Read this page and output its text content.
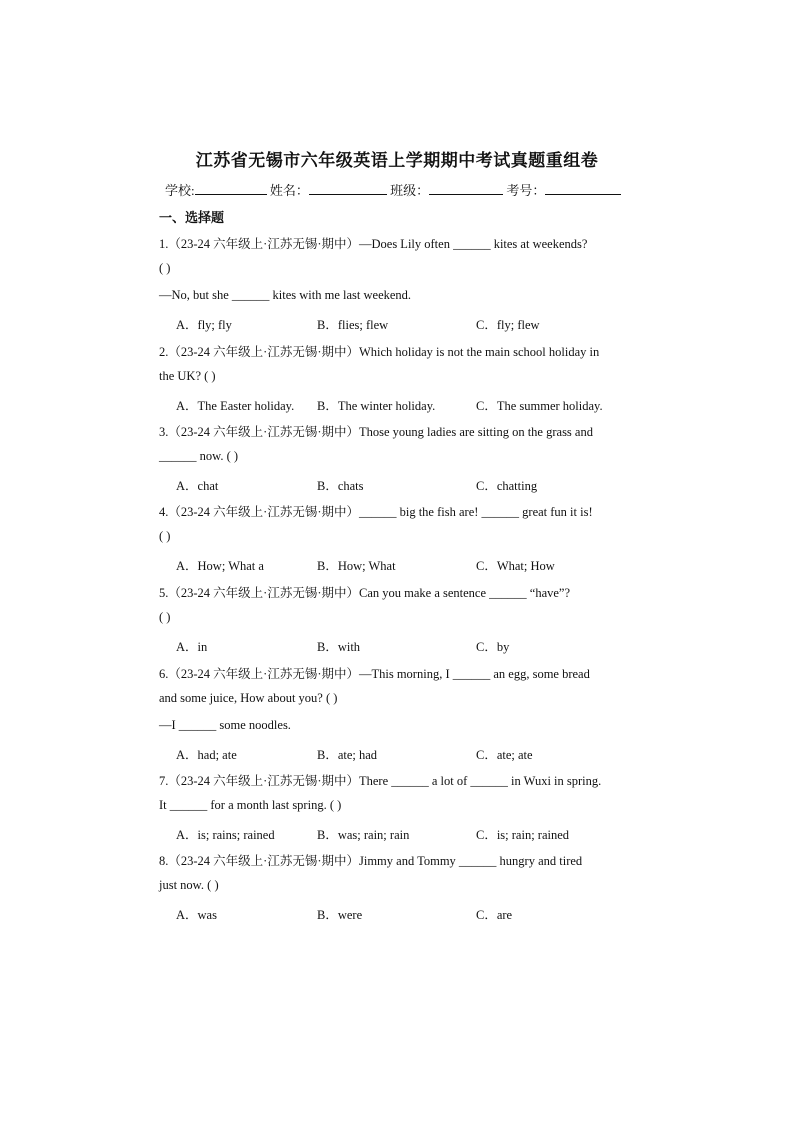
江苏省无锡市六年级英语上学期期中考试真题重组卷
学校:	姓名：	班级：	考号：
一、选择题
1.（23-24 六年级上·江苏无锡·期中）—Does Lily often ______ kites at weekends?
( )
—No, but she ______ kites with me last weekend.
A．fly; fly	B．flies; flew	C．fly; flew
2.（23-24 六年级上·江苏无锡·期中）Which holiday is not the main school holiday in
the UK? ( )
A．The Easter holiday. B．The winter holiday.	C．The summer holiday.
3.（23-24 六年级上·江苏无锡·期中）Those young ladies are sitting on the grass and
______ now. ( )
A．chat	B．chats	C．chatting
4.（23-24 六年级上·江苏无锡·期中）______ big the fish are! ______ great fun it is!
( )
A．How; What a	B．How; What	C．What; How
5.（23-24 六年级上·江苏无锡·期中）Can you make a sentence ______ “have”?
( )
A．in	B．with	C．by
6.（23-24 六年级上·江苏无锡·期中）—This morning, I ______ an egg, some bread
and some juice, How about you? ( )
—I ______ some noodles.
A．had; ate	B．ate; had	C．ate; ate
7.（23-24 六年级上·江苏无锡·期中）There ______ a lot of ______ in Wuxi in spring.
It ______ for a month last spring. ( )
A．is; rains; rained	B．was; rain; rain	C．is; rain; rained
8.（23-24 六年级上·江苏无锡·期中）Jimmy and Tommy ______ hungry and tired
just now. ( )
A．was	B．were	C．are
